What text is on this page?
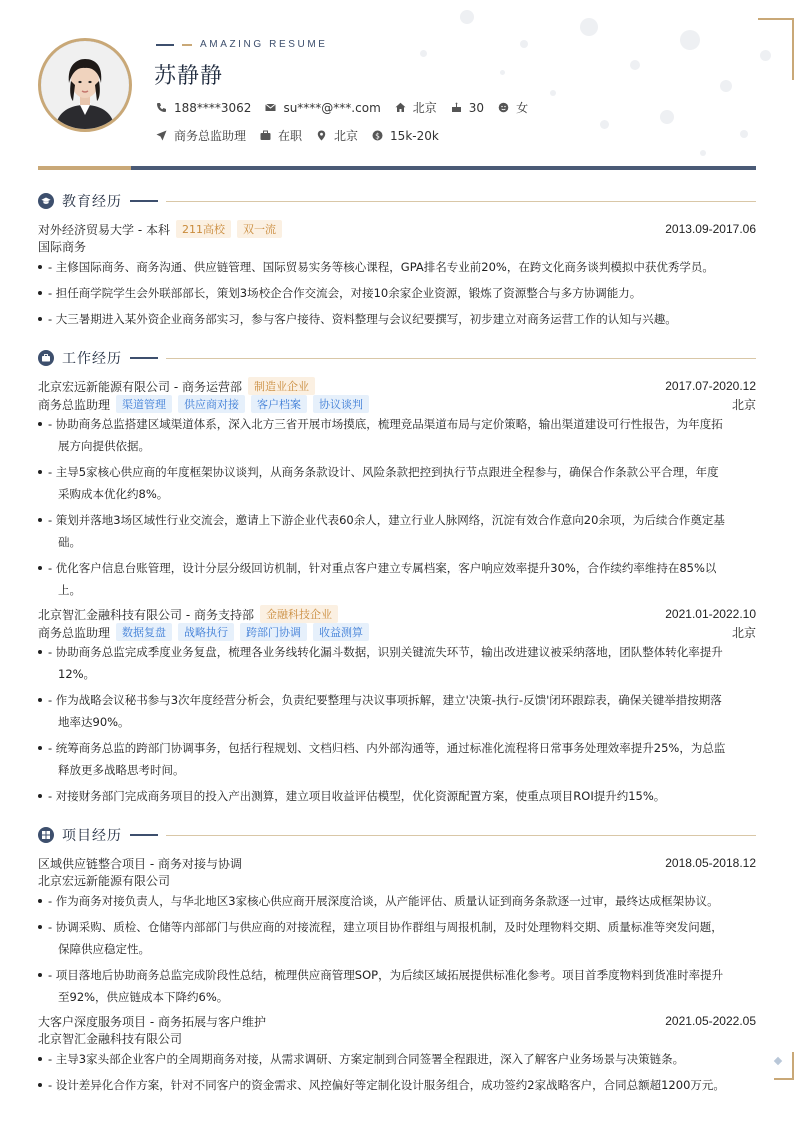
AMAZING RESUME
苏静静
188****3062	su****@***.com	北京	30	女
商务总监助理	在职	北京 $ 15k-20k
教育经历
对外经济贸易大学 - 本科	211高校	双一流	2013.09-2017.06
国际商务
- 主修国际商务、商务沟通、供应链管理、国际贸易实务等核心课程，GPA排名专业前20%，在跨文化商务谈判模拟中获优秀学员。
- 担任商学院学生会外联部部长，策划3场校企合作交流会，对接10余家企业资源，锻炼了资源整合与多方协调能力。
- 大三暑期进入某外资企业商务部实习，参与客户接待、资料整理与会议纪要撰写，初步建立对商务运营工作的认知与兴趣。
工作经历
北京宏远新能源有限公司 - 商务运营部	制造业企业	2017.07-2020.12
商务总监助理	渠道管理	供应商对接	客户档案	协议谈判	北京
- 协助商务总监搭建区域渠道体系，深入北方三省开展市场摸底，梳理竞品渠道布局与定价策略，输出渠道建设可行性报告，为年度拓
展方向提供依据。
- 主导5家核心供应商的年度框架协议谈判，从商务条款设计、风险条款把控到执行节点跟进全程参与，确保合作条款公平合理，年度
采购成本优化约8%。
- 策划并落地3场区域性行业交流会，邀请上下游企业代表60余人，建立行业人脉网络，沉淀有效合作意向20余项，为后续合作奠定基
础。
- 优化客户信息台账管理，设计分层分级回访机制，针对重点客户建立专属档案，客户响应效率提升30%，合作续约率维持在85%以
上。
北京智汇金融科技有限公司 - 商务支持部	金融科技企业	2021.01-2022.10
商务总监助理	数据复盘	战略执行	跨部门协调	收益测算	北京
- 协助商务总监完成季度业务复盘，梳理各业务线转化漏斗数据，识别关键流失环节，输出改进建议被采纳落地，团队整体转化率提升
12%。
- 作为战略会议秘书参与3次年度经营分析会，负责纪要整理与决议事项拆解，建立'决策-执行-反馈'闭环跟踪表，确保关键举措按期落
地率达90%。
- 统筹商务总监的跨部门协调事务，包括行程规划、文档归档、内外部沟通等，通过标准化流程将日常事务处理效率提升25%，为总监
释放更多战略思考时间。
- 对接财务部门完成商务项目的投入产出测算，建立项目收益评估模型，优化资源配置方案，使重点项目ROI提升约15%。
项目经历
区域供应链整合项目 - 商务对接与协调	2018.05-2018.12
北京宏远新能源有限公司
- 作为商务对接负责人，与华北地区3家核心供应商开展深度洽谈，从产能评估、质量认证到商务条款逐一过审，最终达成框架协议。
- 协调采购、质检、仓储等内部部门与供应商的对接流程，建立项目协作群组与周报机制，及时处理物料交期、质量标准等突发问题，
保障供应稳定性。
- 项目落地后协助商务总监完成阶段性总结，梳理供应商管理SOP，为后续区域拓展提供标准化参考。项目首季度物料到货准时率提升
至92%，供应链成本下降约6%。
大客户深度服务项目 - 商务拓展与客户维护	2021.05-2022.05
北京智汇金融科技有限公司
- 主导3家头部企业客户的全周期商务对接，从需求调研、方案定制到合同签署全程跟进，深入了解客户业务场景与决策链条。
- 设计差异化合作方案，针对不同客户的资金需求、风控偏好等定制化设计服务组合，成功签约2家战略客户，合同总额超1200万元。
